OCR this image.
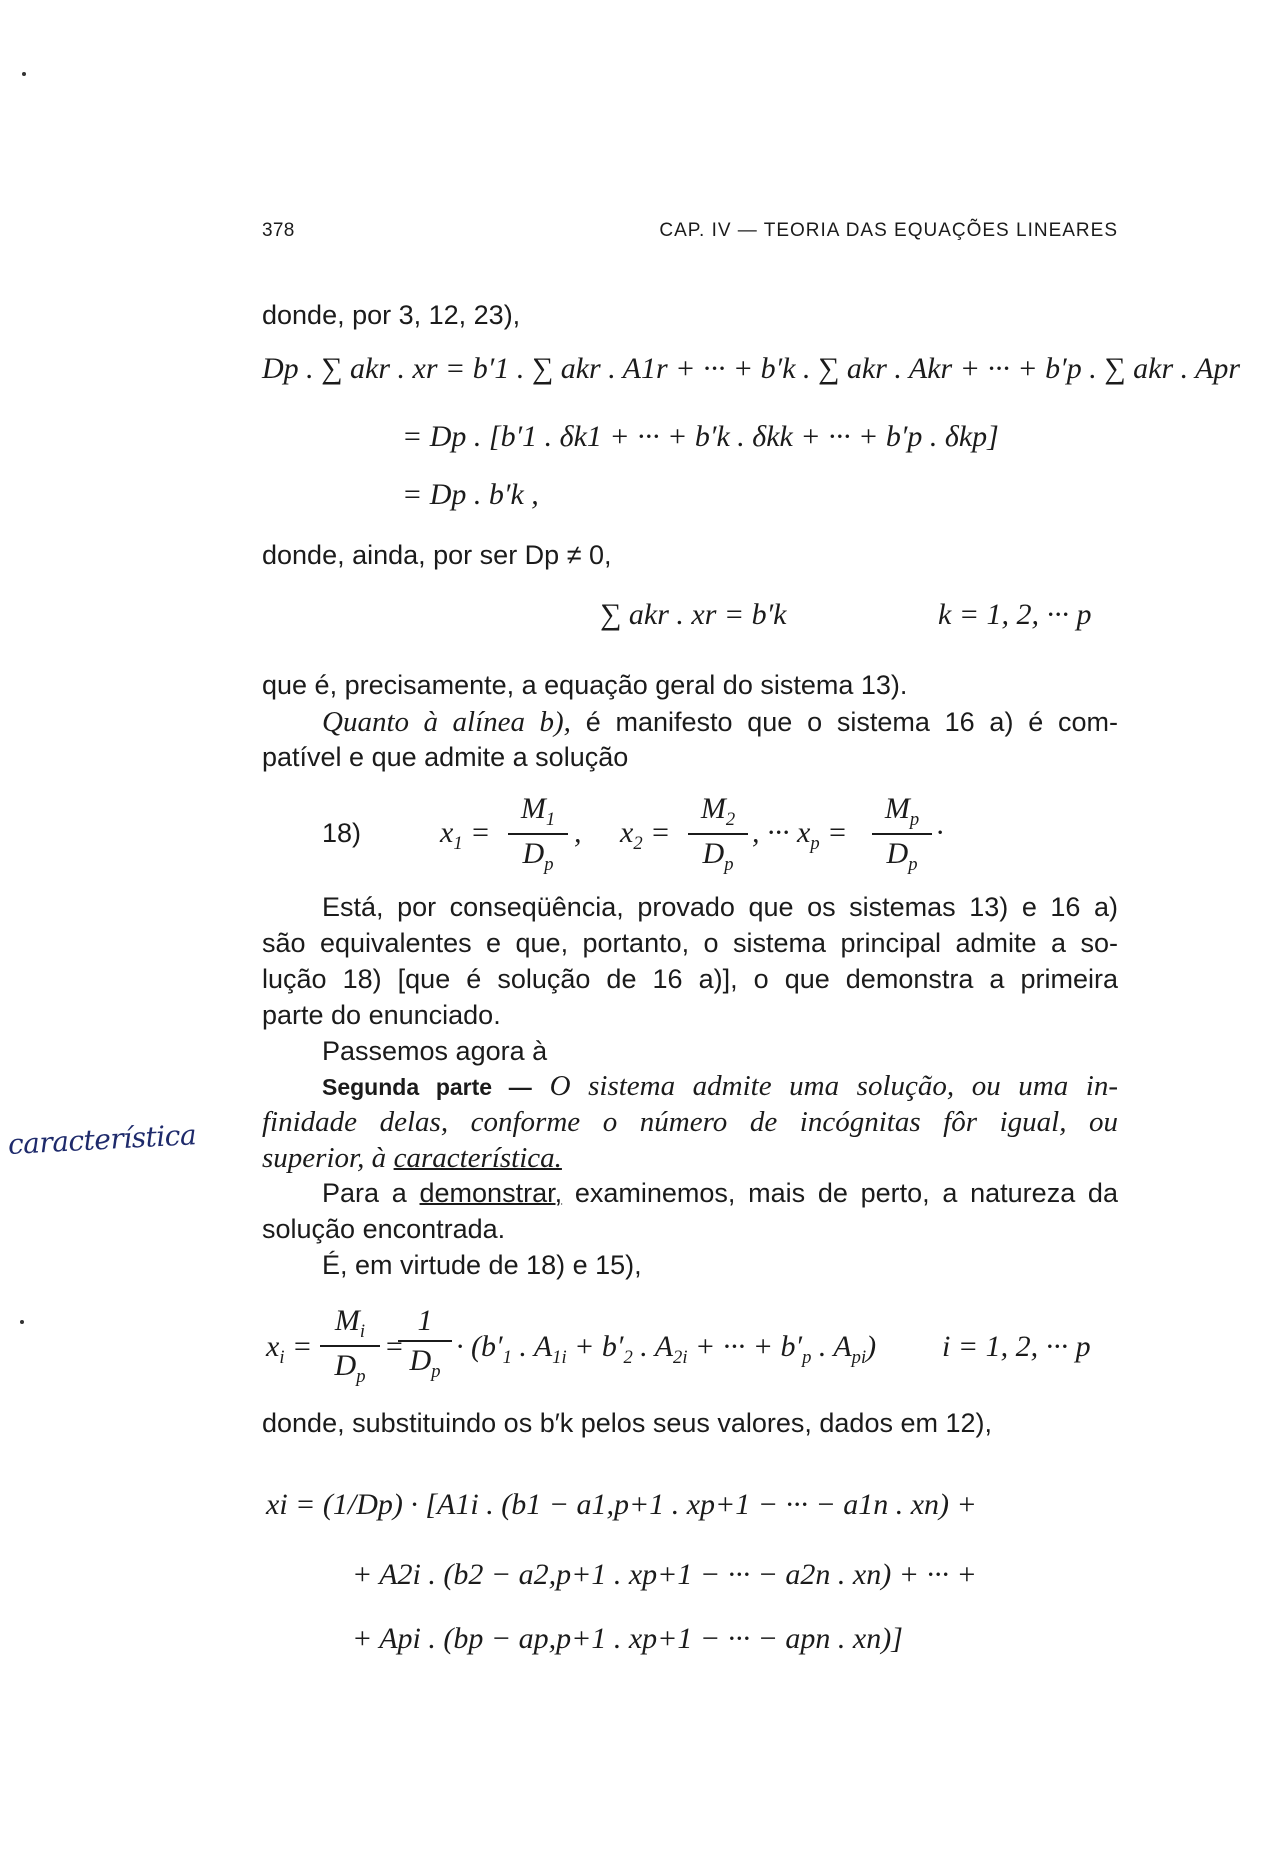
378	CAP. IV — TEORIA DAS EQUAÇÕES LINEARES
donde, por 3, 12, 23),
Dp . ∑ akr . xr = b′1 . ∑ akr . A1r + ··· + b′k . ∑ akr . Akr + ··· + b′p . ∑ akr . Apr
= Dp . [b′1 . δk1 + ··· + b′k . δkk + ··· + b′p . δkp]
= Dp . b′k ,
donde, ainda, por ser Dp ≠ 0,
∑ akr . xr = b′k	k = 1, 2, ··· p
que é, precisamente, a equação geral do sistema 13).
Quanto à alínea b), é manifesto que o sistema 16 a) é com-
patível e que admite a solução
18)	$x_1 = \frac{M_1}{D_p}$ , $x_2 = \frac{M_2}{D_p}$ , ··· $x_p = \frac{M_p}{D_p}$ ·
Está, por conseqüência, provado que os sistemas 13) e 16 a)
são equivalentes e que, portanto, o sistema principal admite a so-
lução 18) [que é solução de 16 a)], o que demonstra a primeira
parte do enunciado.
Passemos agora à
Segunda parte — O sistema admite uma solução, ou uma in-
finidade delas, conforme o número de incógnitas fôr igual, ou
superior, à característica.
Para a demonstrar, examinemos, mais de perto, a natureza da
solução encontrada.
É, em virtude de 18) e 15),
$x_i = \frac{M_i}{D_p}$ =
$\frac{1}{D_p} \cdot (b'_1$ . $A_{1i} + b'_2$ . $A_{2i}$ + ··· + $b'_p$ . $A_{pi}$) i = 1, 2, ··· p
donde, substituindo os b′k pelos seus valores, dados em 12),
xi = (1/Dp) · [A1i . (b1 − a1,p+1 . xp+1 − ··· − a1n . xn) +
+ A2i . (b2 − a2,p+1 . xp+1 − ··· − a2n . xn) + ··· +
+ Api . (bp − ap,p+1 . xp+1 − ··· − apn . xn)]
característica
